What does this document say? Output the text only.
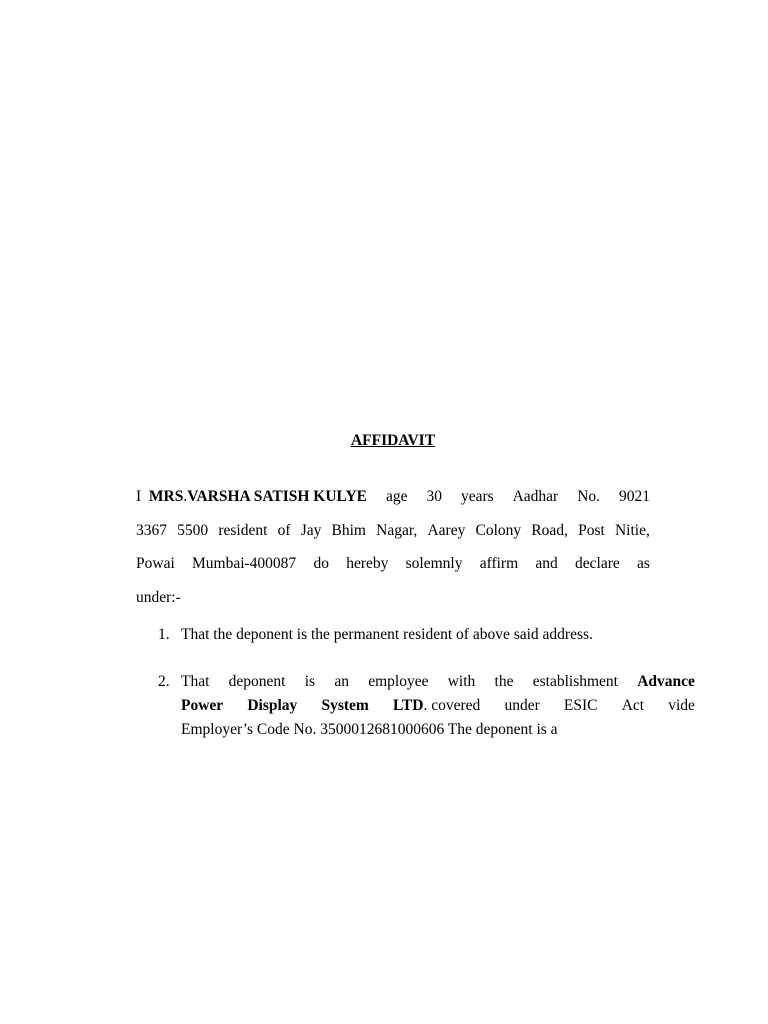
AFFIDAVIT
I MRS.VARSHA SATISH KULYE age 30 years Aadhar No. 9021
3367 5500 resident of Jay Bhim Nagar, Aarey Colony Road, Post Nitie,
Powai Mumbai-400087 do hereby solemnly affirm and declare as
under:-
1. That the deponent is the permanent resident of above said address.
2. That deponent is an employee with the establishment Advance
Power Display System LTD. covered under ESIC Act vide
Employer’s Code No. 3500012681000606 The deponent is a
